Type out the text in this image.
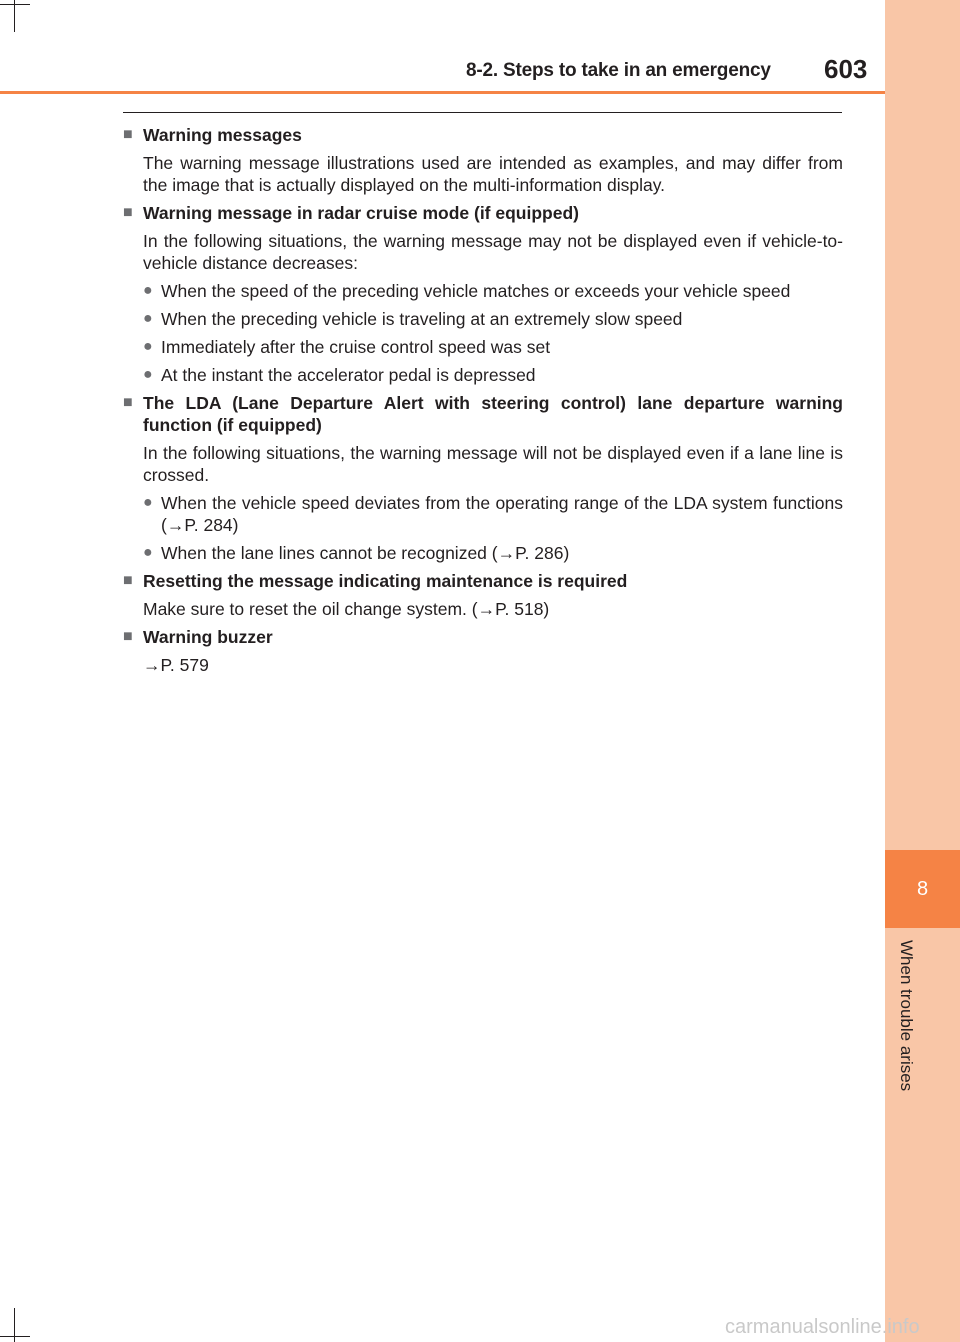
8
When trouble arises
8-2. Steps to take in an emergency 603
■ Warning messages
The warning message illustrations used are intended as examples, and may differ from the image that is actually displayed on the multi-information display.
■ Warning message in radar cruise mode (if equipped)
In the following situations, the warning message may not be displayed even if vehicle-to-vehicle distance decreases:
● When the speed of the preceding vehicle matches or exceeds your vehicle speed
● When the preceding vehicle is traveling at an extremely slow speed
● Immediately after the cruise control speed was set
● At the instant the accelerator pedal is depressed
■ The LDA (Lane Departure Alert with steering control) lane departure warning function (if equipped)
In the following situations, the warning message will not be displayed even if a lane line is crossed.
● When the vehicle speed deviates from the operating range of the LDA system functions (→P. 284)
● When the lane lines cannot be recognized (→P. 286)
■ Resetting the message indicating maintenance is required
Make sure to reset the oil change system. (→P. 518)
■ Warning buzzer
→P. 579
carmanualsonline.info
